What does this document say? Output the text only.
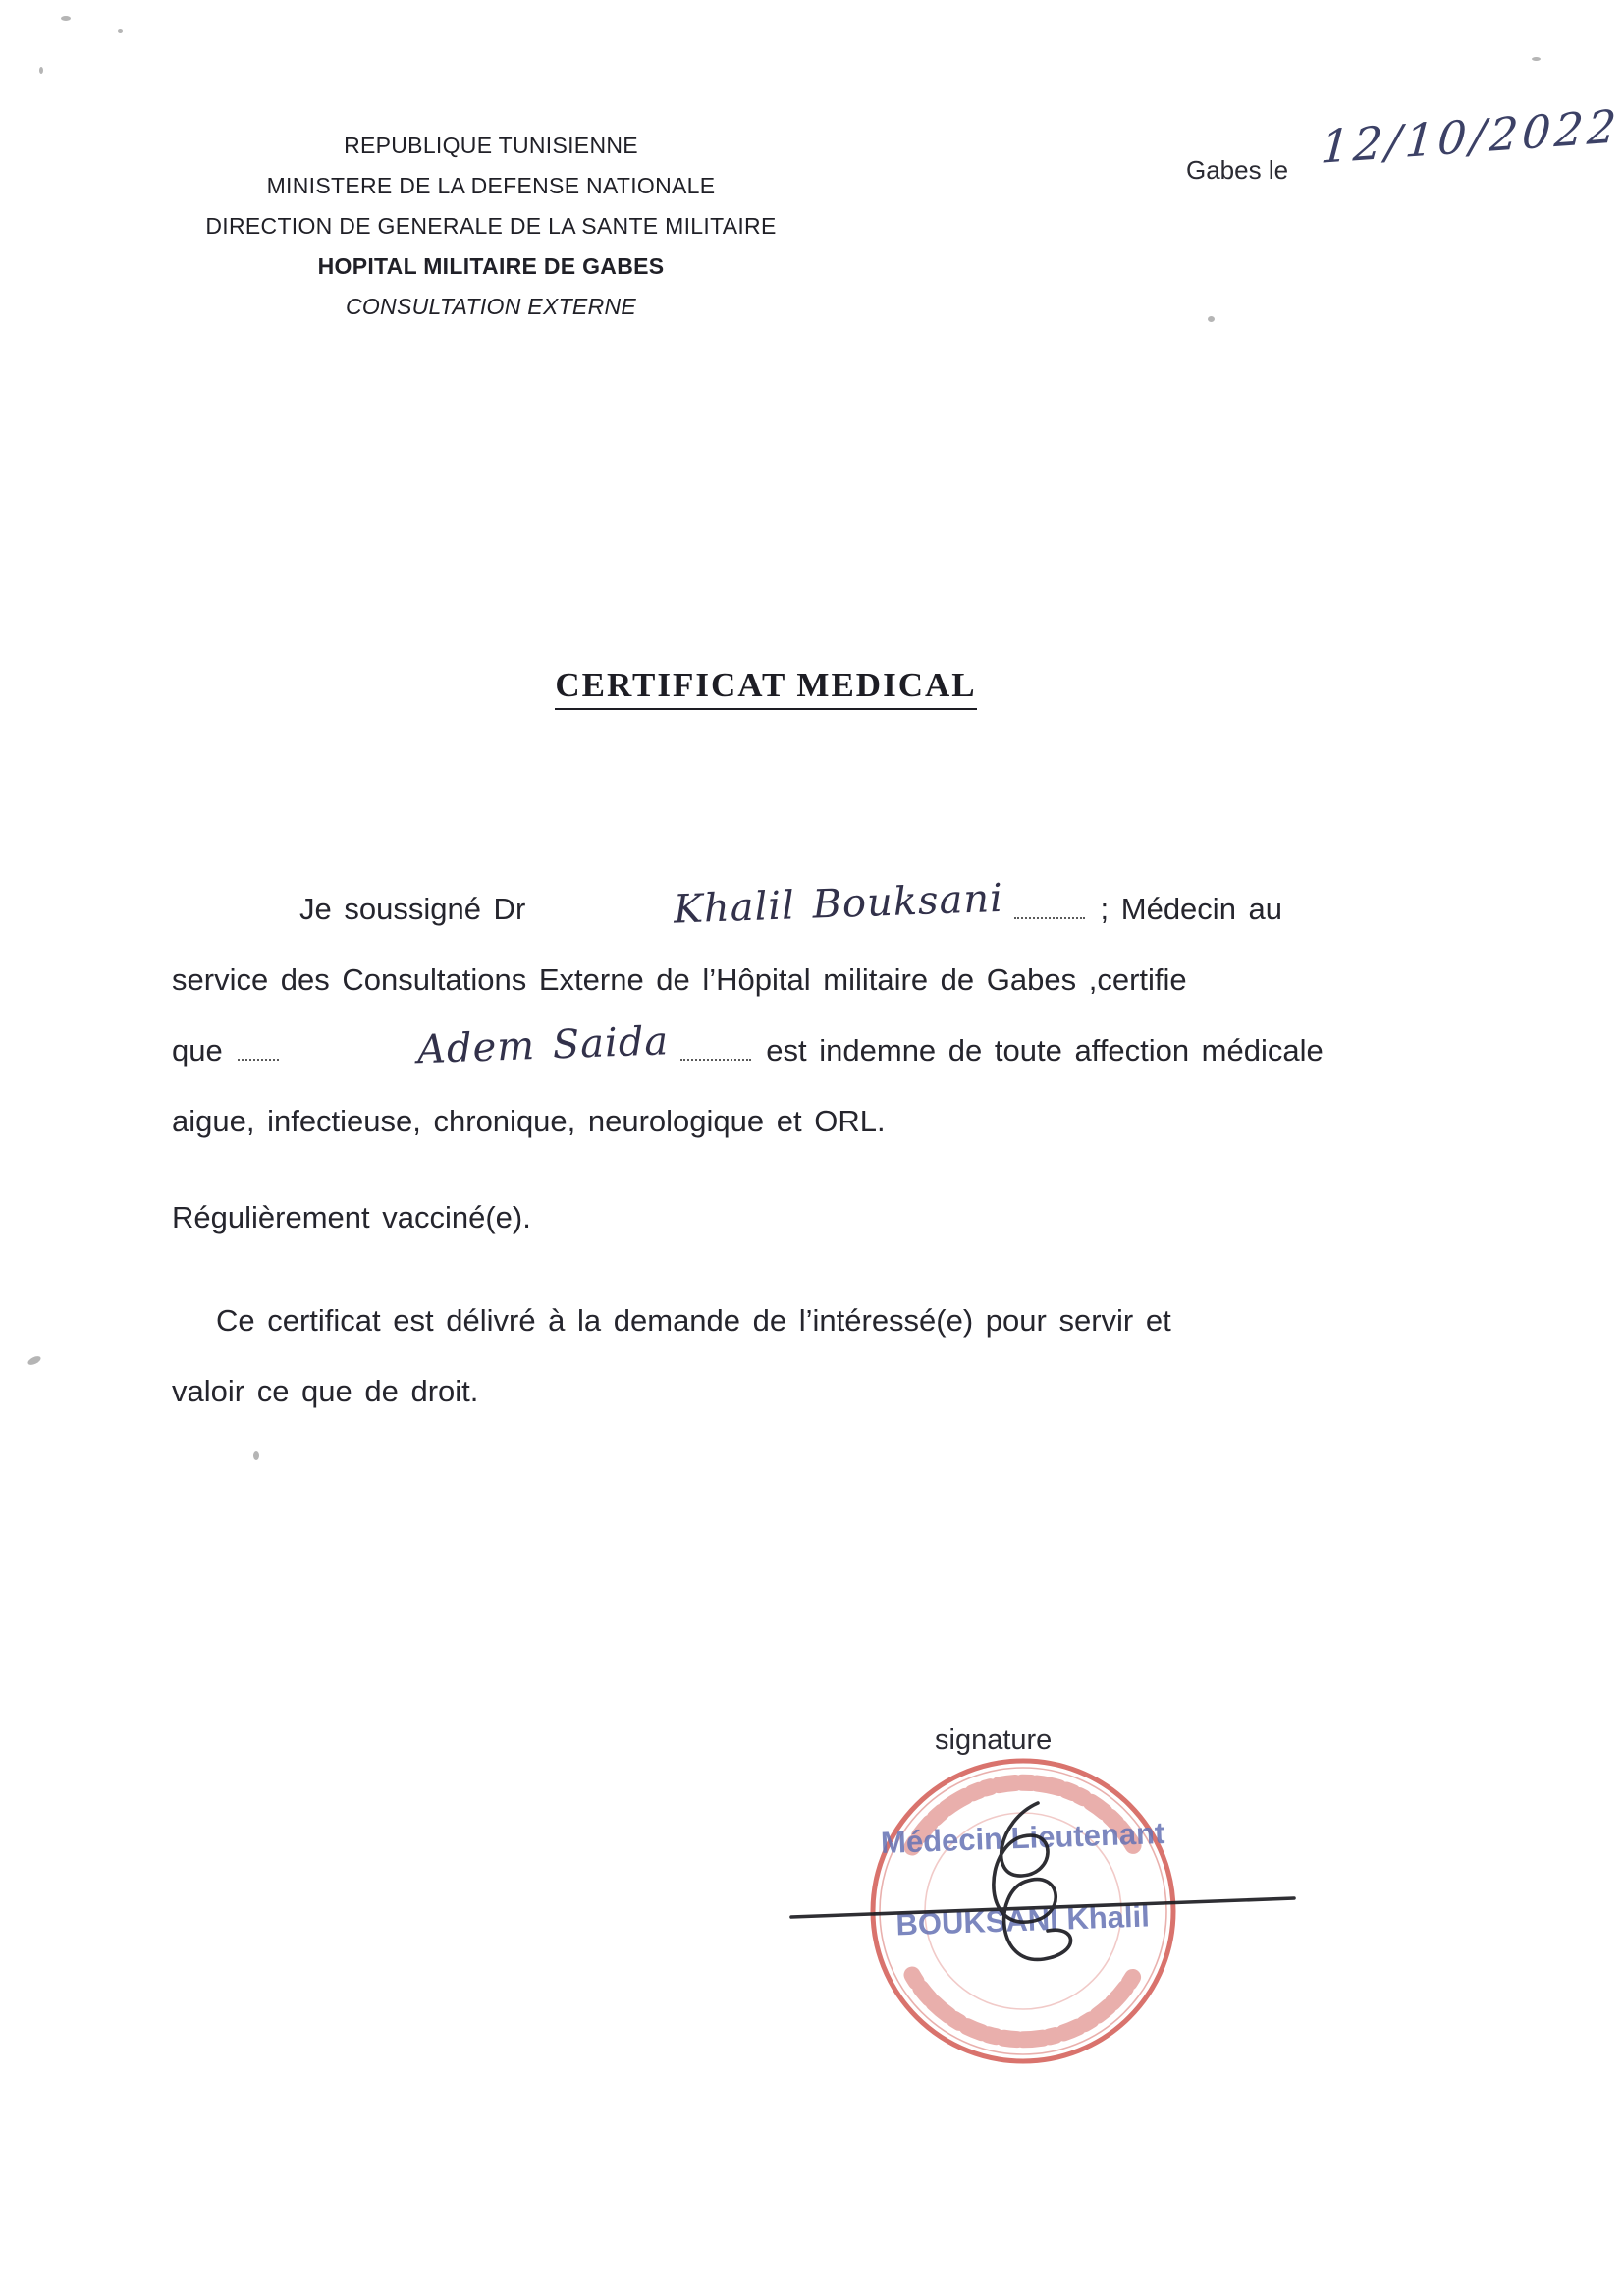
REPUBLIQUE TUNISIENNE
MINISTERE DE LA DEFENSE NATIONALE
DIRECTION DE GENERALE DE LA SANTE MILITAIRE
HOPITAL MILITAIRE DE GABES
CONSULTATION EXTERNE
Gabes le 12/10/2022
CERTIFICAT MEDICAL

Je soussigné Dr	Khalil Bouksani	; Médecin au
service des Consultations Externe de l’Hôpital militaire de Gabes ,certifie
que	Adem Saida	est indemne de toute affection médicale
aigue, infectieuse, chronique, neurologique et ORL.

Régulièrement vacciné(e).

Ce certificat est délivré à la demande de l’intéressé(e) pour servir et
valoir ce que de droit.

signature
Médecin Lieutenant
BOUKSANI Khalil
